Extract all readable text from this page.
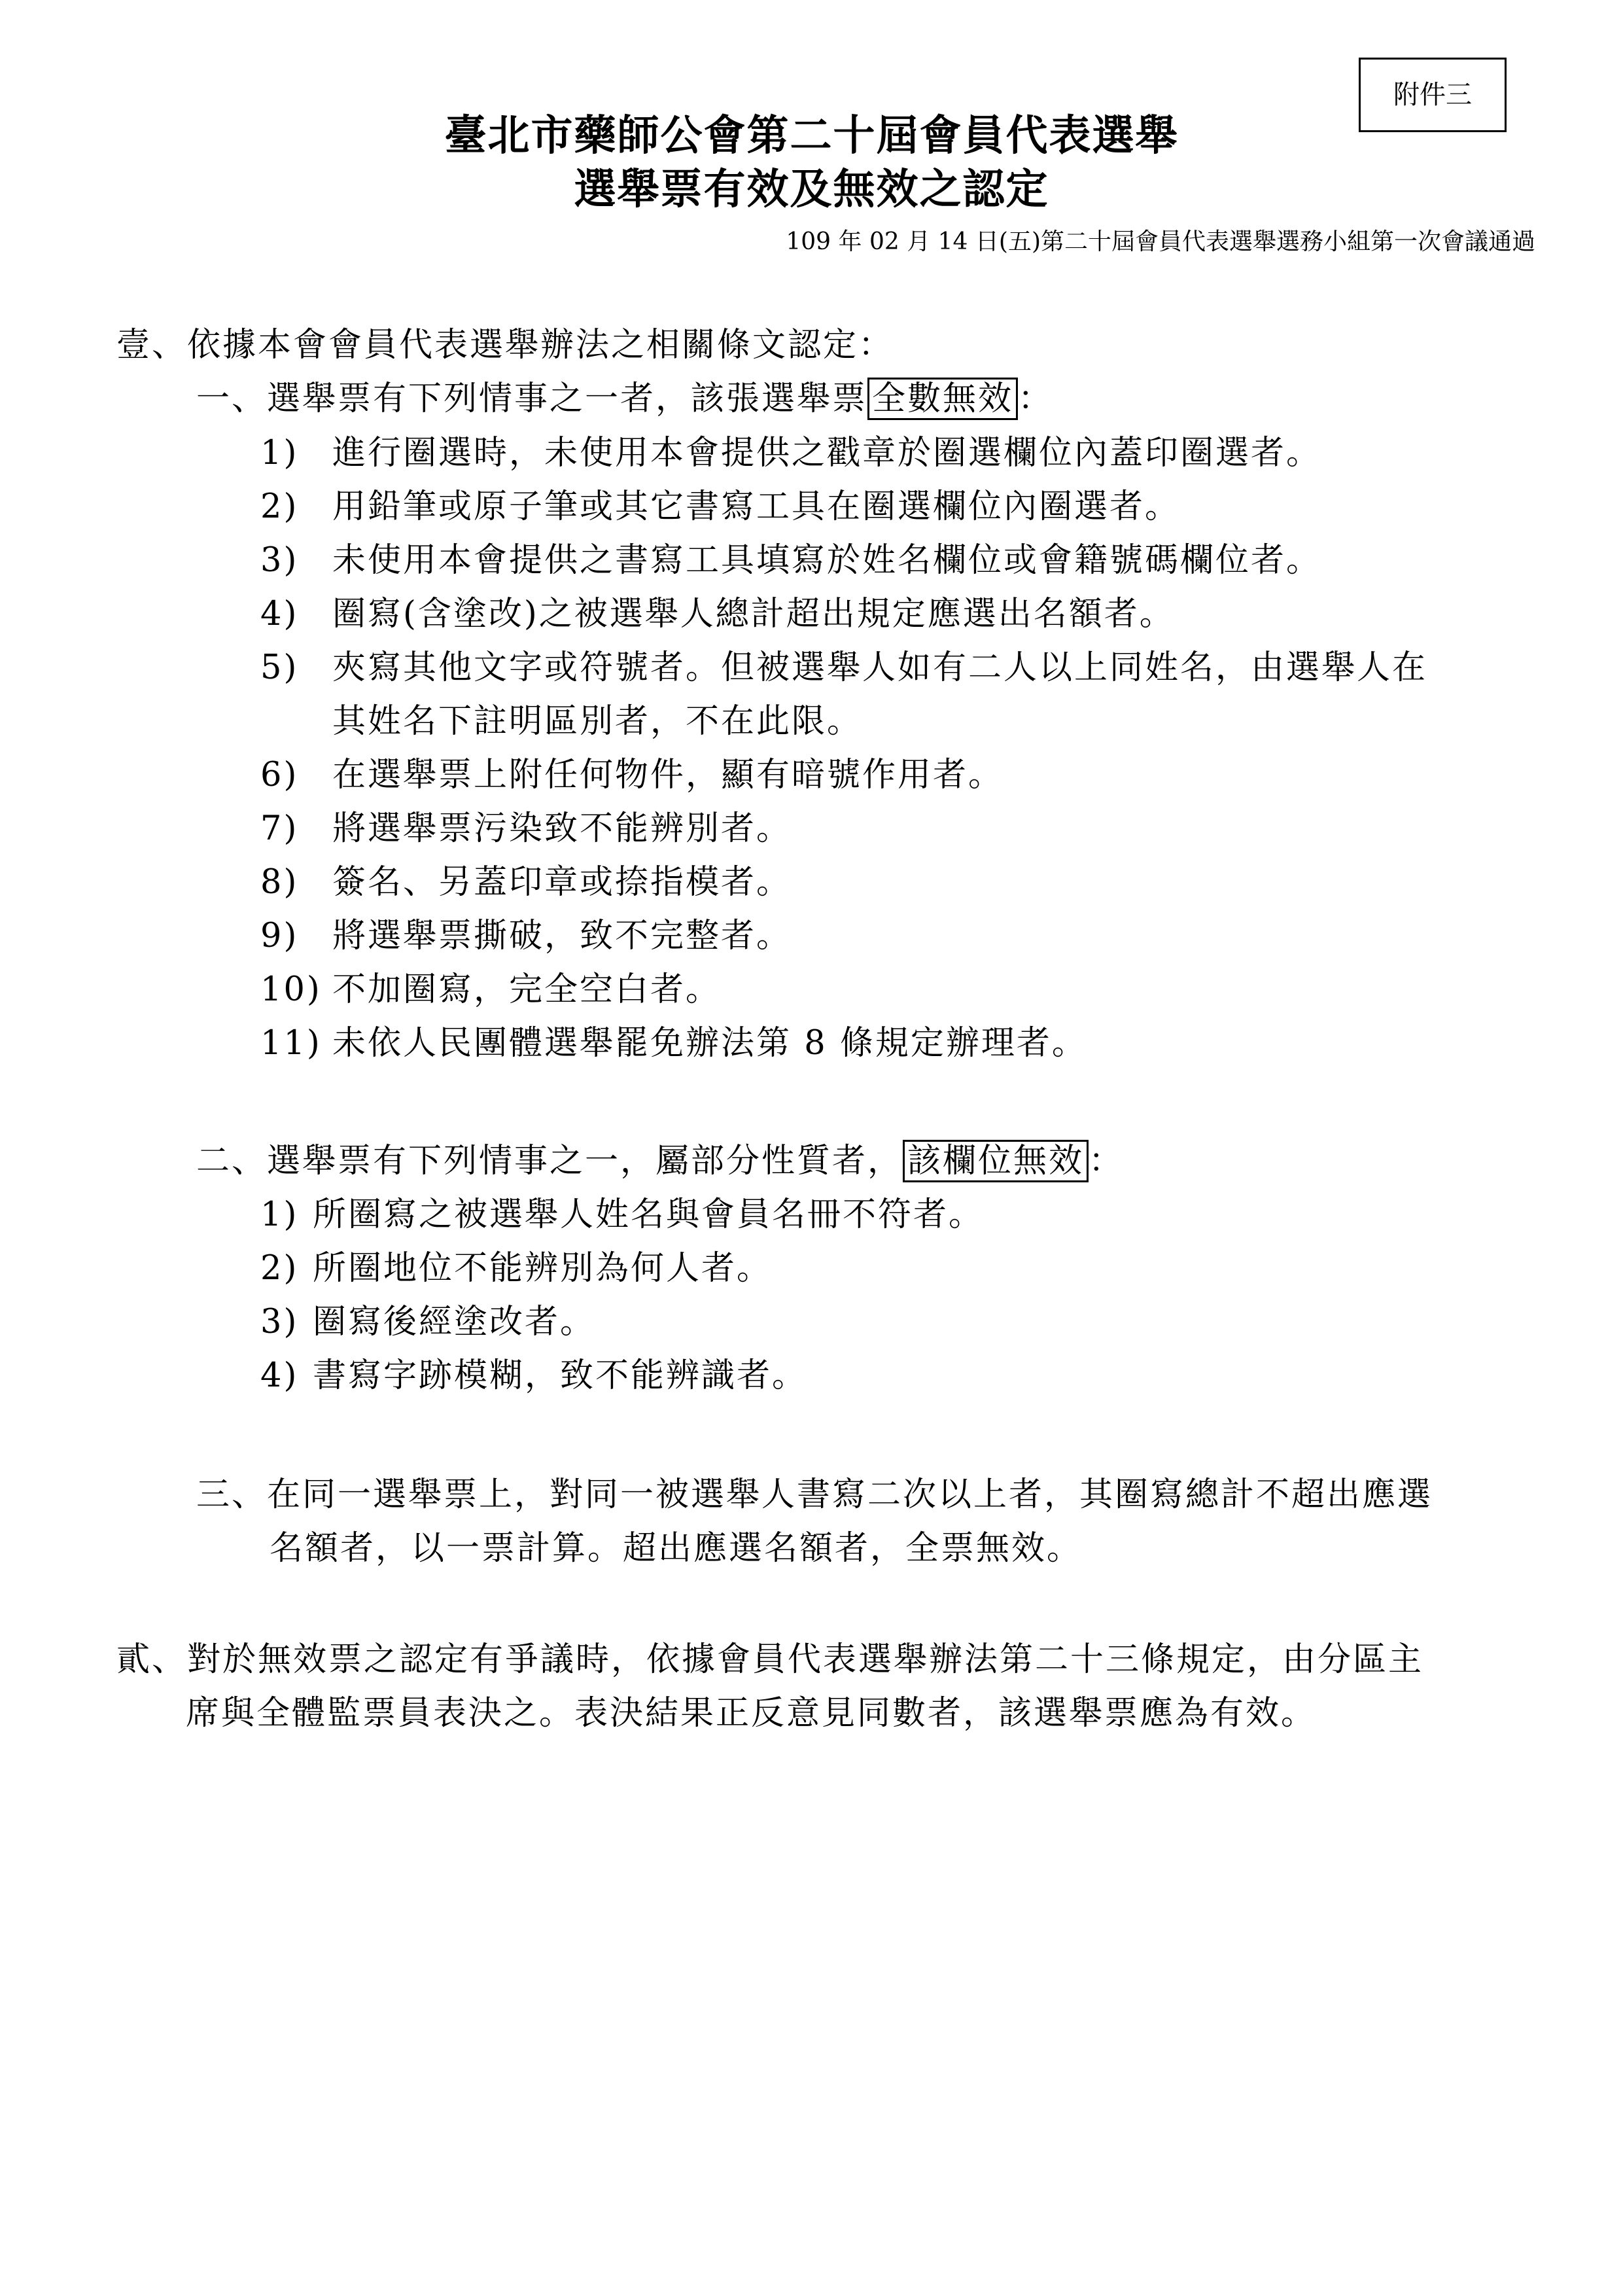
附件三
臺北市藥師公會第二十屆會員代表選舉
選舉票有效及無效之認定
109 年 02 月 14 日(五)第二十屆會員代表選舉選務小組第一次會議通過
壹、依據本會會員代表選舉辦法之相關條文認定：
一、選舉票有下列情事之一者，該張選舉票 全數無效 ：
1) 進行圈選時，未使用本會提供之戳章於圈選欄位內蓋印圈選者。
2) 用鉛筆或原子筆或其它書寫工具在圈選欄位內圈選者。
3) 未使用本會提供之書寫工具填寫於姓名欄位或會籍號碼欄位者。
4) 圈寫(含塗改)之被選舉人總計超出規定應選出名額者。
5) 夾寫其他文字或符號者。但被選舉人如有二人以上同姓名，由選舉人在
其姓名下註明區別者，不在此限。
6) 在選舉票上附任何物件，顯有暗號作用者。
7) 將選舉票污染致不能辨別者。
8) 簽名、另蓋印章或捺指模者。
9) 將選舉票撕破，致不完整者。
10) 不加圈寫，完全空白者。
11) 未依人民團體選舉罷免辦法第 8 條規定辦理者。
二、選舉票有下列情事之一，屬部分性質者， 該欄位無效 ：
1) 所圈寫之被選舉人姓名與會員名冊不符者。
2) 所圈地位不能辨別為何人者。
3) 圈寫後經塗改者。
4) 書寫字跡模糊，致不能辨識者。
三、在同一選舉票上，對同一被選舉人書寫二次以上者，其圈寫總計不超出應選
名額者，以一票計算。超出應選名額者，全票無效。
貳、對於無效票之認定有爭議時，依據會員代表選舉辦法第二十三條規定，由分區主
席與全體監票員表決之。表決結果正反意見同數者，該選舉票應為有效。
